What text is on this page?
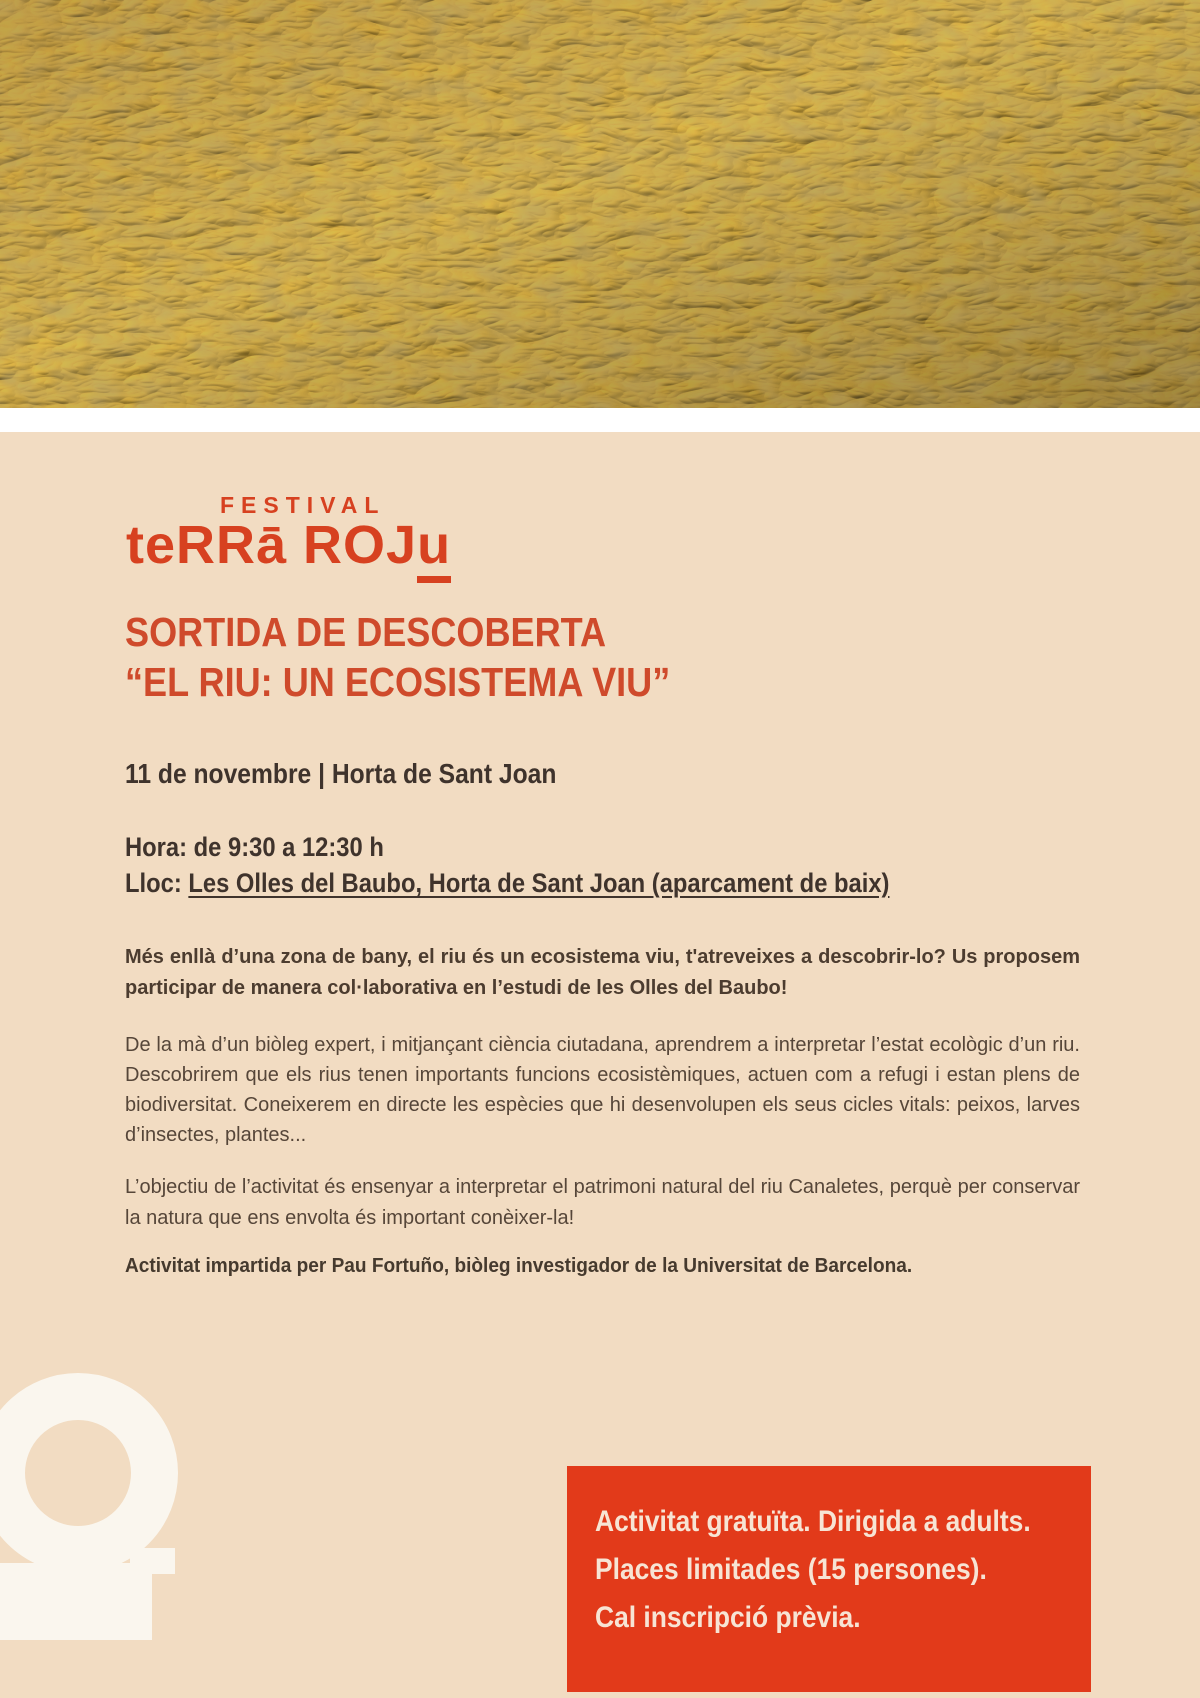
FESTIVAL
teRRā ROJu
SORTIDA DE DESCOBERTA
“EL RIU: UN ECOSISTEMA VIU”
11 de novembre | Horta de Sant Joan
Hora: de 9:30 a 12:30 h
Lloc: Les Olles del Baubo, Horta de Sant Joan (aparcament de baix)
Més enllà d’una zona de bany, el riu és un ecosistema viu, t'atreveixes a descobrir-lo? Us proposem participar de manera col·laborativa en l’estudi de les Olles del Baubo!
De la mà d’un biòleg expert, i mitjançant ciència ciutadana, aprendrem a interpretar l’estat ecològic d’un riu. Descobrirem que els rius tenen importants funcions ecosistèmiques, actuen com a refugi i estan plens de biodiversitat. Coneixerem en directe les espècies que hi desenvolupen els seus cicles vitals: peixos, larves d’insectes, plantes...
L’objectiu de l’activitat és ensenyar a interpretar el patrimoni natural del riu Canaletes, perquè per conservar la natura que ens envolta és important conèixer-la!
Activitat impartida per Pau Fortuño, biòleg investigador de la Universitat de Barcelona.
Activitat gratuïta. Dirigida a adults.
Places limitades (15 persones).
Cal inscripció prèvia.
